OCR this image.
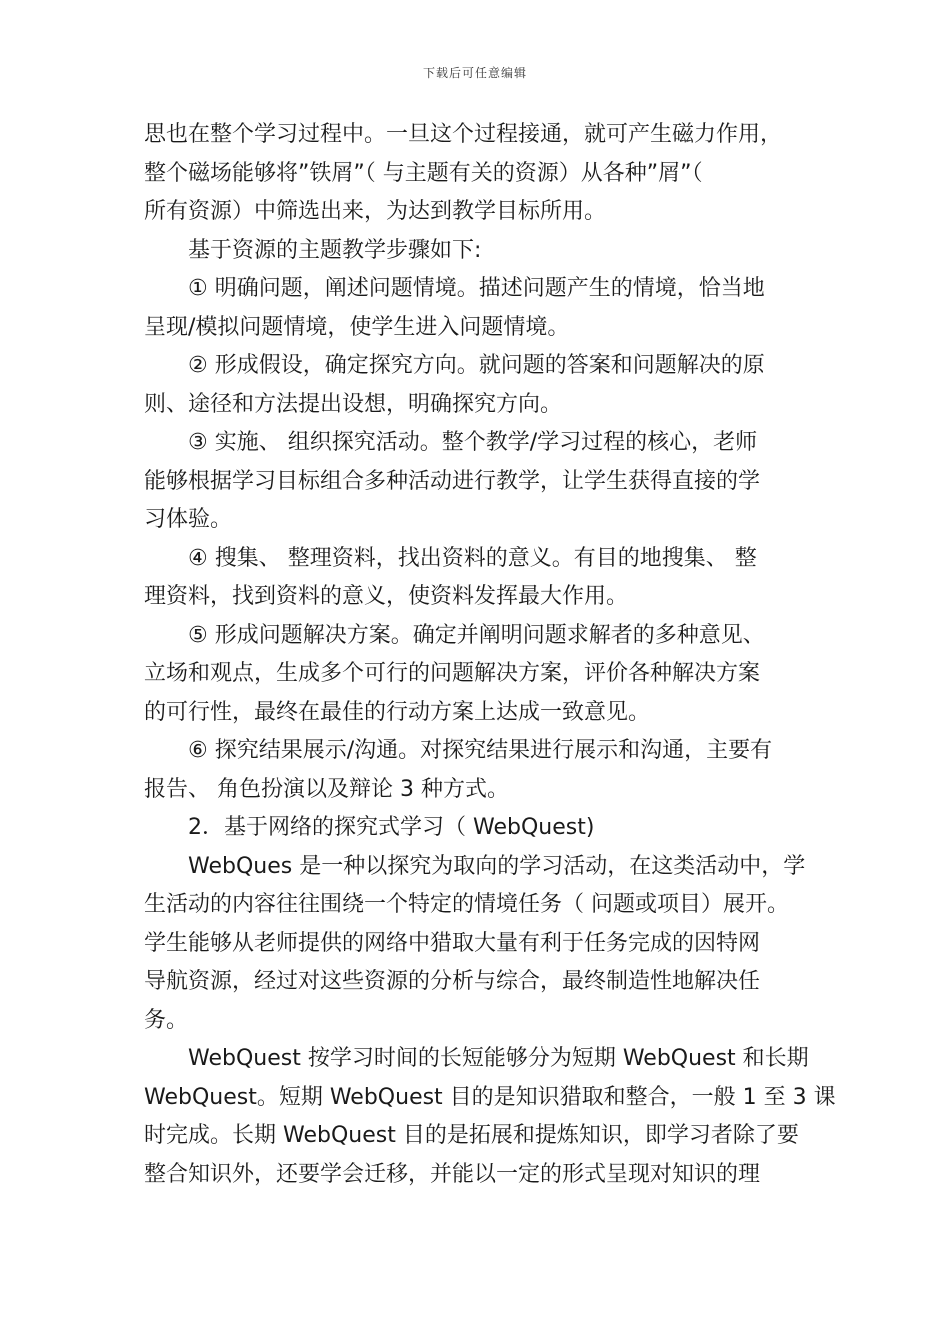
下载后可任意编辑
思也在整个学习过程中。一旦这个过程接通，就可产生磁力作用，
整个磁场能够将”铁屑”（ 与主题有关的资源）从各种”屑”（
所有资源）中筛选出来，为达到教学目标所用。
　　基于资源的主题教学步骤如下:
　　① 明确问题，阐述问题情境。描述问题产生的情境，恰当地
呈现/模拟问题情境，使学生进入问题情境。
　　② 形成假设，确定探究方向。就问题的答案和问题解决的原
则、途径和方法提出设想，明确探究方向。
　　③ 实施、 组织探究活动。整个教学/学习过程的核心，老师
能够根据学习目标组合多种活动进行教学，让学生获得直接的学
习体验。
　　④ 搜集、 整理资料，找出资料的意义。有目的地搜集、 整
理资料，找到资料的意义，使资料发挥最大作用。
　　⑤ 形成问题解决方案。确定并阐明问题求解者的多种意见、
立场和观点，生成多个可行的问题解决方案，评价各种解决方案
的可行性，最终在最佳的行动方案上达成一致意见。
　　⑥ 探究结果展示/沟通。对探究结果进行展示和沟通，主要有
报告、 角色扮演以及辩论 3 种方式。
　　2．基于网络的探究式学习（ WebQuest)
　　WebQues 是一种以探究为取向的学习活动，在这类活动中，学
生活动的内容往往围绕一个特定的情境任务（ 问题或项目）展开。
学生能够从老师提供的网络中猎取大量有利于任务完成的因特网
导航资源，经过对这些资源的分析与综合，最终制造性地解决任
务。
　　WebQuest 按学习时间的长短能够分为短期 WebQuest 和长期
WebQuest。短期 WebQuest 目的是知识猎取和整合，一般 1 至 3 课
时完成。长期 WebQuest 目的是拓展和提炼知识，即学习者除了要
整合知识外，还要学会迁移，并能以一定的形式呈现对知识的理
